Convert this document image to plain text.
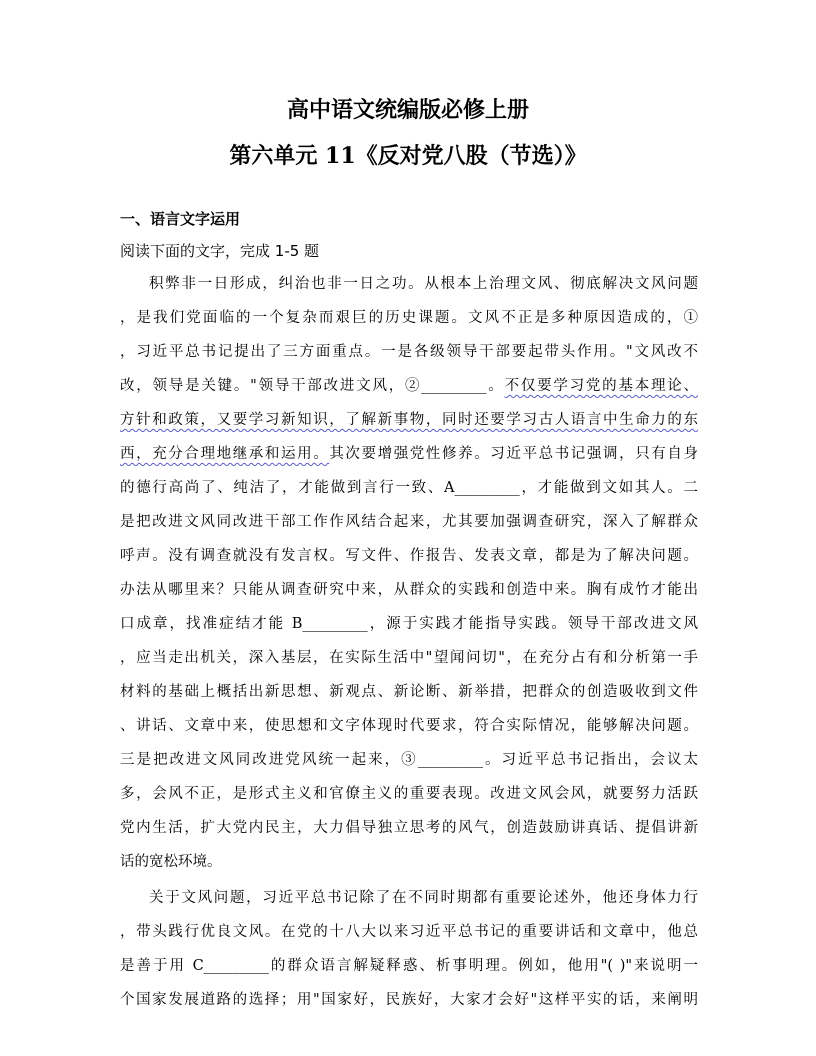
高中语文统编版必修上册
第六单元 11《反对党八股（节选）》
一、语言文字运用
阅读下面的文字，完成 1-5 题
积弊非一日形成，纠治也非一日之功。从根本上治理文风、彻底解决文风问题
，是我们党面临的一个复杂而艰巨的历史课题。文风不正是多种原因造成的，①
，习近平总书记提出了三方面重点。一是各级领导干部要起带头作用。"文风改不
改，领导是关键。"领导干部改进文风，②_________。不仅要学习党的基本理论、
方针和政策，又要学习新知识，了解新事物，同时还要学习古人语言中生命力的东
西，充分合理地继承和运用。其次要增强党性修养。习近平总书记强调，只有自身
的德行高尚了、纯洁了，才能做到言行一致、A_________，才能做到文如其人。二
是把改进文风同改进干部工作作风结合起来，尤其要加强调查研究，深入了解群众
呼声。没有调查就没有发言权。写文件、作报告、发表文章，都是为了解决问题。
办法从哪里来？只能从调查研究中来，从群众的实践和创造中来。胸有成竹才能出
口成章，找准症结才能 B_________，源于实践才能指导实践。领导干部改进文风
，应当走出机关，深入基层，在实际生活中"望闻问切"，在充分占有和分析第一手
材料的基础上概括出新思想、新观点、新论断、新举措，把群众的创造吸收到文件
、讲话、文章中来，使思想和文字体现时代要求，符合实际情况，能够解决问题。
三是把改进文风同改进党风统一起来，③_________。习近平总书记指出，会议太
多，会风不正，是形式主义和官僚主义的重要表现。改进文风会风，就要努力活跃
党内生活，扩大党内民主，大力倡导独立思考的风气，创造鼓励讲真话、提倡讲新
话的宽松环境。
关于文风问题，习近平总书记除了在不同时期都有重要论述外，他还身体力行
，带头践行优良文风。在党的十八大以来习近平总书记的重要讲话和文章中，他总
是善于用 C_________的群众语言解疑释惑、析事明理。例如，他用"( )"来说明一
个国家发展道路的选择；用"国家好，民族好，大家才会好"这样平实的话，来阐明
